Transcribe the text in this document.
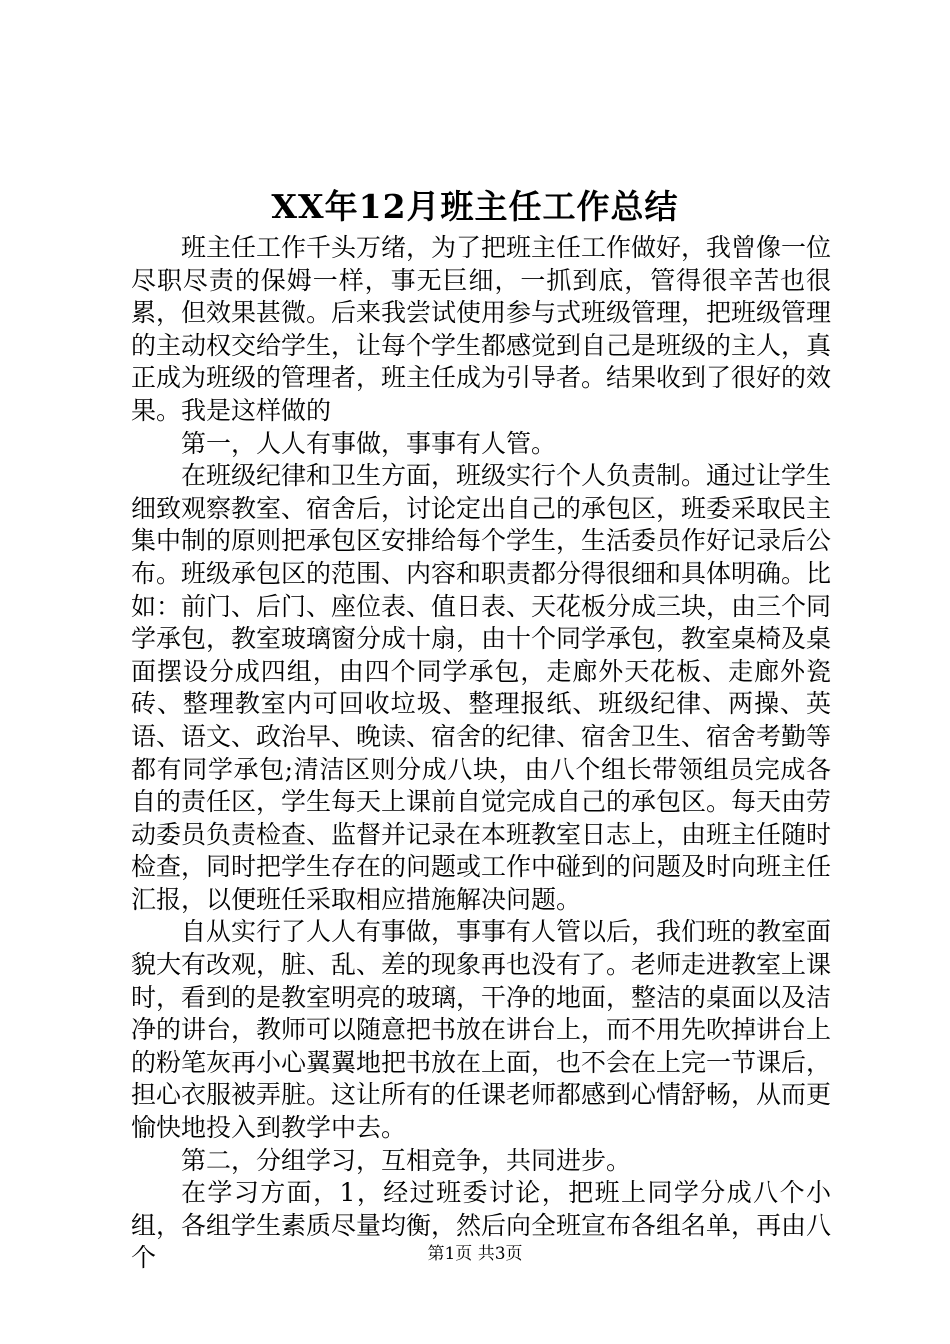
XX年12月班主任工作总结

班主任工作千头万绪，为了把班主任工作做好，我曾像一位尽职尽责的保姆一样，事无巨细，一抓到底，管得很辛苦也很累，但效果甚微。后来我尝试使用参与式班级管理，把班级管理的主动权交给学生，让每个学生都感觉到自己是班级的主人，真正成为班级的管理者，班主任成为引导者。结果收到了很好的效果。我是这样做的

第一，人人有事做，事事有人管。

在班级纪律和卫生方面，班级实行个人负责制。通过让学生细致观察教室、宿舍后，讨论定出自己的承包区，班委采取民主集中制的原则把承包区安排给每个学生，生活委员作好记录后公布。班级承包区的范围、内容和职责都分得很细和具体明确。比如：前门、后门、座位表、值日表、天花板分成三块，由三个同学承包，教室玻璃窗分成十扇，由十个同学承包，教室桌椅及桌面摆设分成四组，由四个同学承包，走廊外天花板、走廊外瓷砖、整理教室内可回收垃圾、整理报纸、班级纪律、两操、英语、语文、政治早、晚读、宿舍的纪律、宿舍卫生、宿舍考勤等都有同学承包;清洁区则分成八块，由八个组长带领组员完成各自的责任区，学生每天上课前自觉完成自己的承包区。每天由劳动委员负责检查、监督并记录在本班教室日志上，由班主任随时检查，同时把学生存在的问题或工作中碰到的问题及时向班主任汇报，以便班任采取相应措施解决问题。

自从实行了人人有事做，事事有人管以后，我们班的教室面貌大有改观，脏、乱、差的现象再也没有了。老师走进教室上课时，看到的是教室明亮的玻璃，干净的地面，整洁的桌面以及洁净的讲台，教师可以随意把书放在讲台上，而不用先吹掉讲台上的粉笔灰再小心翼翼地把书放在上面，也不会在上完一节课后，担心衣服被弄脏。这让所有的任课老师都感到心情舒畅，从而更愉快地投入到教学中去。

第二，分组学习，互相竞争，共同进步。

在学习方面，1，经过班委讨论，把班上同学分成八个小组，各组学生素质尽量均衡，然后向全班宣布各组名单，再由八个	第1页 共3页
